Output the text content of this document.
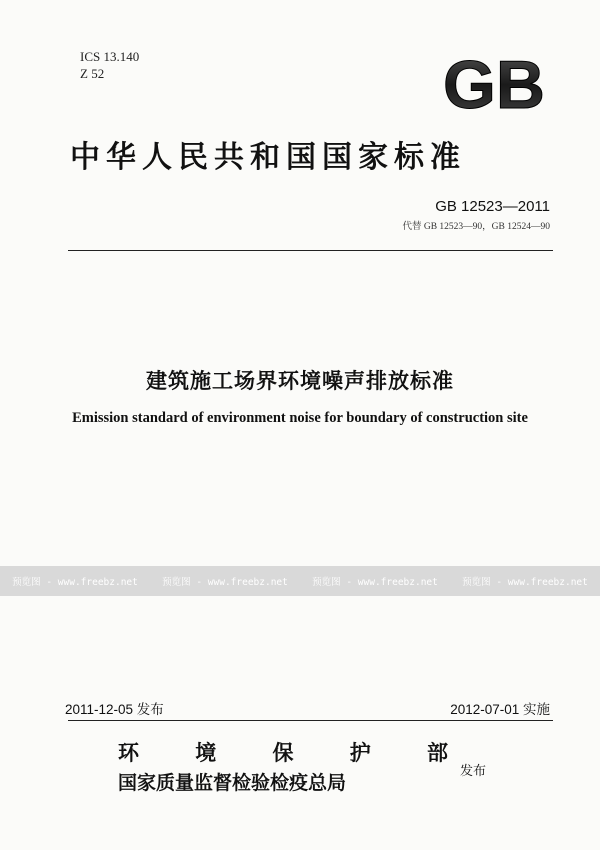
ICS 13.140
Z 52	GB
中华人民共和国国家标准
GB 12523—2011
代替 GB 12523—90，GB 12524—90
建筑施工场界环境噪声排放标准
Emission standard of environment noise for boundary of construction site
预览图 - www.freebz.net	预览图 - www.freebz.net	预览图 - www.freebz.net	预览图 - www.freebz.net
2011-12-05 发布	2012-07-01 实施
环	境	保	护	部
国家质量监督检验检疫总局
发布
